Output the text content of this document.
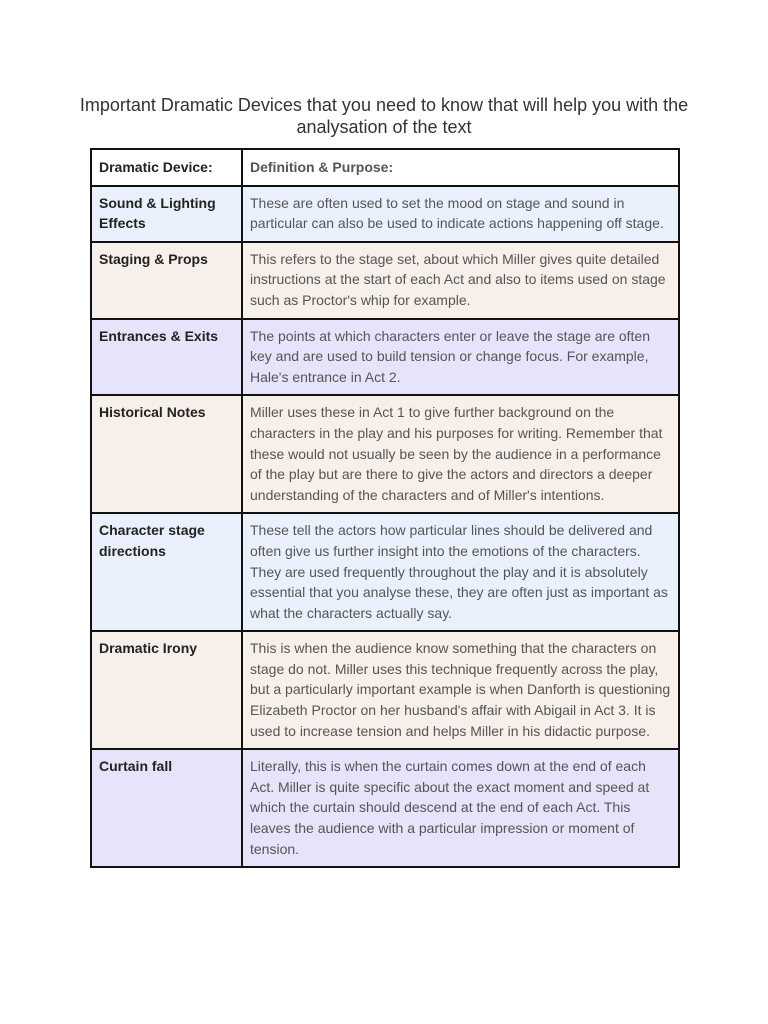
Important Dramatic Devices that you need to know that will help you with the analysation of the text
Dramatic Device:	Definition & Purpose:
Sound & Lighting Effects	These are often used to set the mood on stage and sound in particular can also be used to indicate actions happening off stage.
Staging & Props	This refers to the stage set, about which Miller gives quite detailed instructions at the start of each Act and also to items used on stage such as Proctor's whip for example.
Entrances & Exits	The points at which characters enter or leave the stage are often key and are used to build tension or change focus. For example, Hale's entrance in Act 2.
Historical Notes	Miller uses these in Act 1 to give further background on the characters in the play and his purposes for writing. Remember that these would not usually be seen by the audience in a performance of the play but are there to give the actors and directors a deeper understanding of the characters and of Miller's intentions.
Character stage directions	These tell the actors how particular lines should be delivered and often give us further insight into the emotions of the characters. They are used frequently throughout the play and it is absolutely essential that you analyse these, they are often just as important as what the characters actually say.
Dramatic Irony	This is when the audience know something that the characters on stage do not. Miller uses this technique frequently across the play, but a particularly important example is when Danforth is questioning Elizabeth Proctor on her husband's affair with Abigail in Act 3. It is used to increase tension and helps Miller in his didactic purpose.
Curtain fall	Literally, this is when the curtain comes down at the end of each Act. Miller is quite specific about the exact moment and speed at which the curtain should descend at the end of each Act. This leaves the audience with a particular impression or moment of tension.
